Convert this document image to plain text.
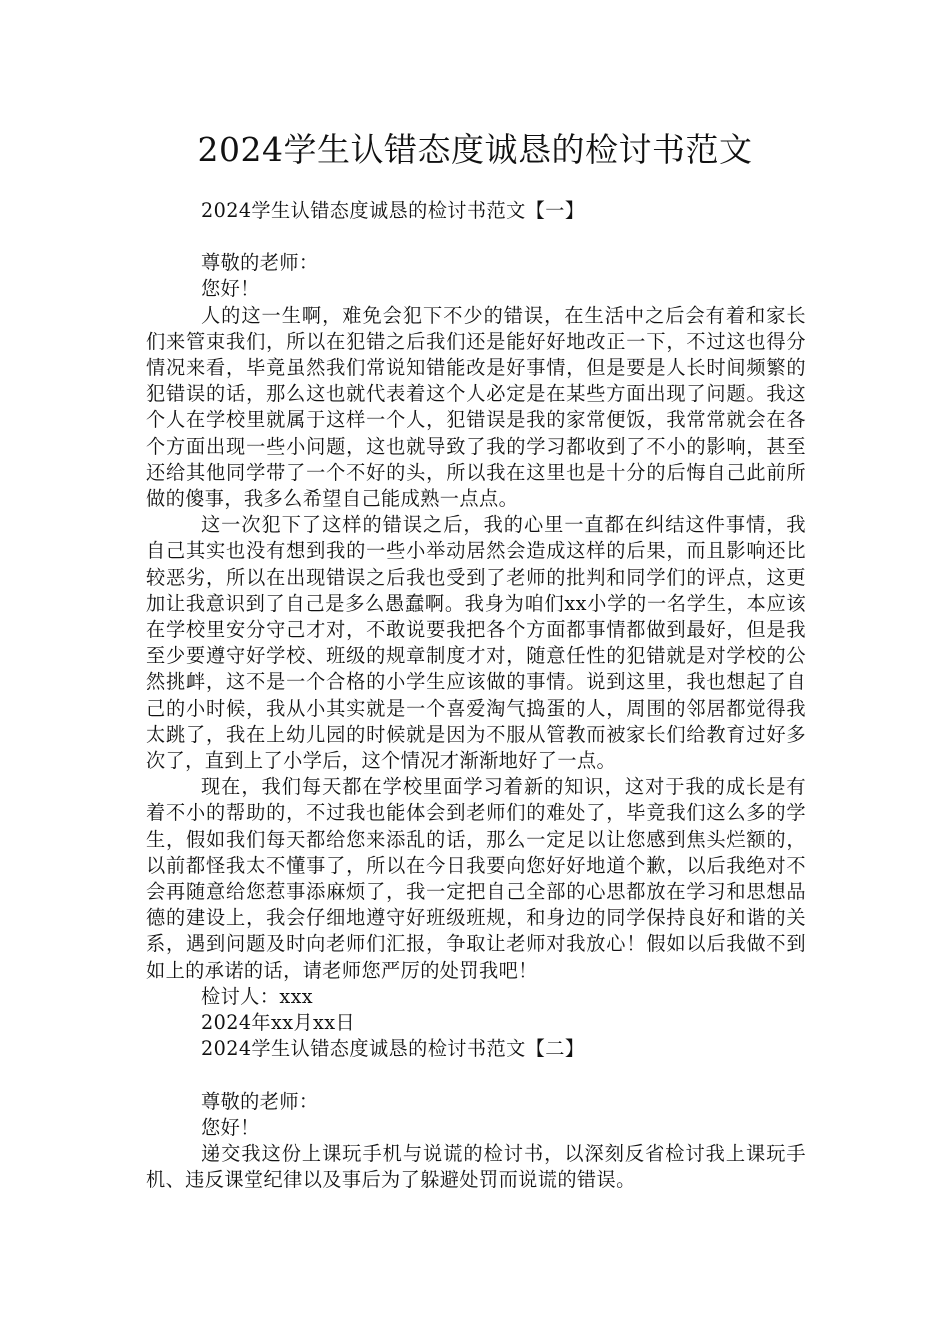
2024学生认错态度诚恳的检讨书范文

2024学生认错态度诚恳的检讨书范文【一】

尊敬的老师：

您好！

人的这一生啊，难免会犯下不少的错误，在生活中之后会有着和家长们来管束我们，所以在犯错之后我们还是能好好地改正一下，不过这也得分情况来看，毕竟虽然我们常说知错能改是好事情，但是要是人长时间频繁的犯错误的话，那么这也就代表着这个人必定是在某些方面出现了问题。我这个人在学校里就属于这样一个人，犯错误是我的家常便饭，我常常就会在各个方面出现一些小问题，这也就导致了我的学习都收到了不小的影响，甚至还给其他同学带了一个不好的头，所以我在这里也是十分的后悔自己此前所做的傻事，我多么希望自己能成熟一点点。

这一次犯下了这样的错误之后，我的心里一直都在纠结这件事情，我自己其实也没有想到我的一些小举动居然会造成这样的后果，而且影响还比较恶劣，所以在出现错误之后我也受到了老师的批判和同学们的评点，这更加让我意识到了自己是多么愚蠢啊。我身为咱们xx小学的一名学生，本应该在学校里安分守己才对，不敢说要我把各个方面都事情都做到最好，但是我至少要遵守好学校、班级的规章制度才对，随意任性的犯错就是对学校的公然挑衅，这不是一个合格的小学生应该做的事情。说到这里，我也想起了自己的小时候，我从小其实就是一个喜爱淘气捣蛋的人，周围的邻居都觉得我太跳了，我在上幼儿园的时候就是因为不服从管教而被家长们给教育过好多次了，直到上了小学后，这个情况才渐渐地好了一点。

现在，我们每天都在学校里面学习着新的知识，这对于我的成长是有着不小的帮助的，不过我也能体会到老师们的难处了，毕竟我们这么多的学生，假如我们每天都给您来添乱的话，那么一定足以让您感到焦头烂额的，以前都怪我太不懂事了，所以在今日我要向您好好地道个歉，以后我绝对不会再随意给您惹事添麻烦了，我一定把自己全部的心思都放在学习和思想品德的建设上，我会仔细地遵守好班级班规，和身边的同学保持良好和谐的关系，遇到问题及时向老师们汇报，争取让老师对我放心！假如以后我做不到如上的承诺的话，请老师您严厉的处罚我吧！

检讨人：xxx

2024年xx月xx日

2024学生认错态度诚恳的检讨书范文【二】

尊敬的老师：

您好！

递交我这份上课玩手机与说谎的检讨书，以深刻反省检讨我上课玩手机、违反课堂纪律以及事后为了躲避处罚而说谎的错误。
